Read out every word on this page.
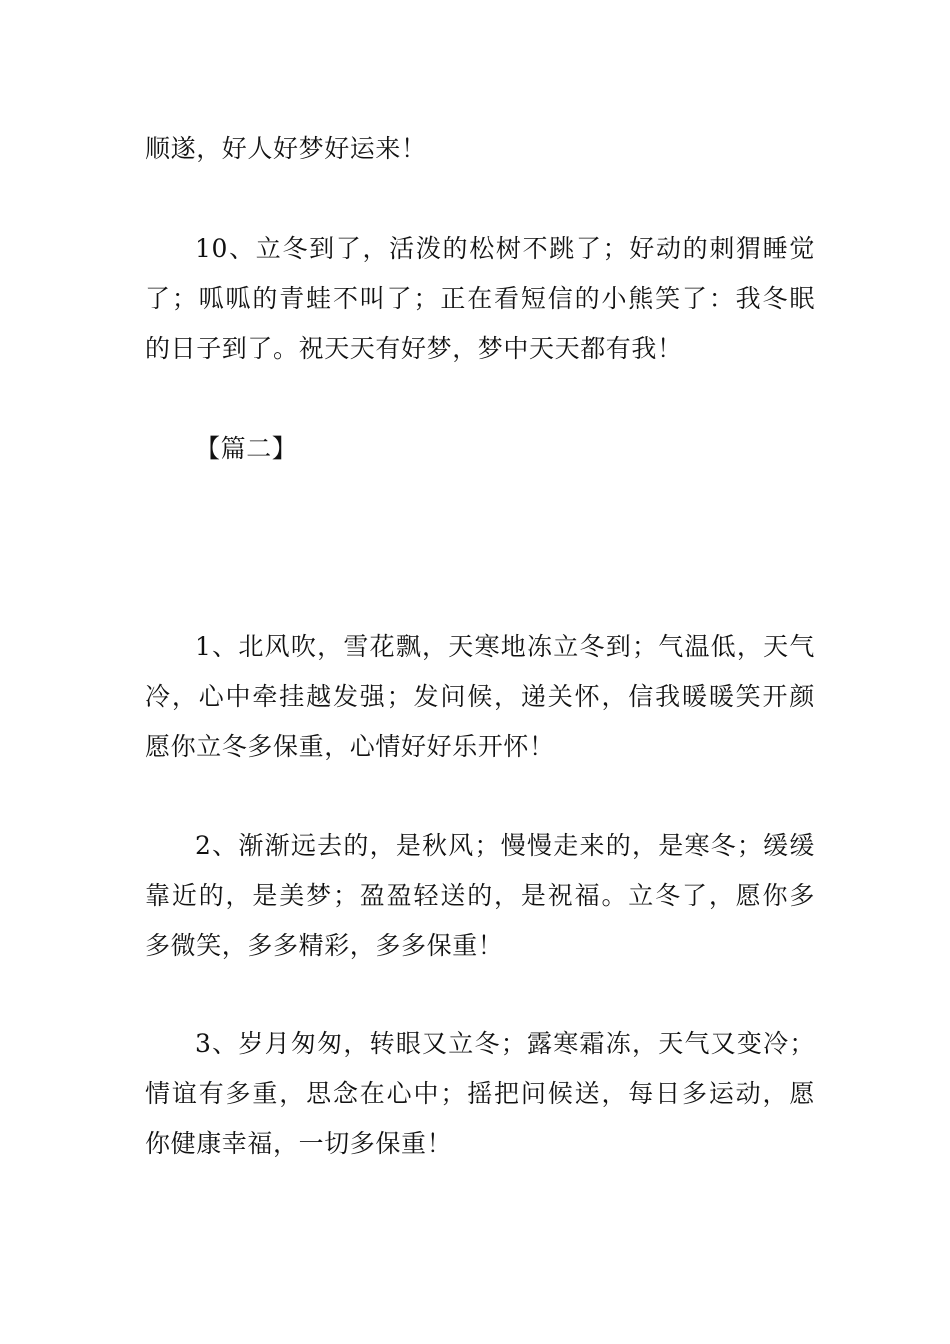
顺遂，好人好梦好运来！
10、立冬到了，活泼的松树不跳了；好动的刺猬睡觉
了；呱呱的青蛙不叫了；正在看短信的小熊笑了：我冬眠
的日子到了。祝天天有好梦，梦中天天都有我！
【篇二】
1、北风吹，雪花飘，天寒地冻立冬到；气温低，天气
冷，心中牵挂越发强；发问候，递关怀，信我暖暖笑开颜
愿你立冬多保重，心情好好乐开怀！
2、渐渐远去的，是秋风；慢慢走来的，是寒冬；缓缓
靠近的，是美梦；盈盈轻送的，是祝福。立冬了，愿你多
多微笑，多多精彩，多多保重！
3、岁月匆匆，转眼又立冬；露寒霜冻，天气又变冷；
情谊有多重，思念在心中；摇把问候送，每日多运动，愿
你健康幸福，一切多保重！
